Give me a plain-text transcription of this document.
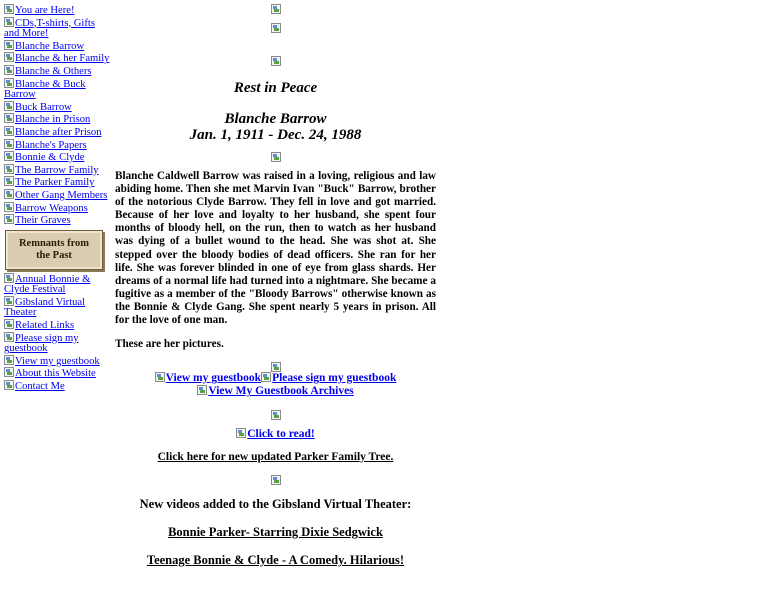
You are Here!
CDs,T-shirts, Gifts and More!
Blanche Barrow
Blanche & her Family
Blanche & Others
Blanche & Buck Barrow
Buck Barrow
Blanche in Prison
Blanche after Prison
Blanche's Papers
Bonnie & Clyde
The Barrow Family
The Parker Family
Other Gang Members
Barrow Weapons
Their Graves
Remnants from
the Past
Annual Bonnie & Clyde Festival
Gibsland Virtual Theater
Related Links
Please sign my guestbook
View my guestbook
About this Website
Contact Me
Rest in Peace
Blanche Barrow
Jan. 1, 1911 - Dec. 24, 1988

Blanche Caldwell Barrow was raised in a loving, religious and law abiding home. Then she met Marvin Ivan "Buck" Barrow, brother of the notorious Clyde Barrow. They fell in love and got married. Because of her love and loyalty to her husband, she spent four months of bloody hell, on the run, then to watch as her husband was dying of a bullet wound to the head. She was shot at. She stepped over the bloody bodies of dead officers. She ran for her life. She was forever blinded in one of eye from glass shards. Her dreams of a normal life had turned into a nightmare. She became a fugitive as a member of the "Bloody Barrows" otherwise known as the Bonnie & Clyde Gang. She spent nearly 5 years in prison. All for the love of one man.

These are her pictures.
View my guestbook Please sign my guestbook
View My Guestbook Archives
Click to read!
Click here for new updated Parker Family Tree.
New videos added to the Gibsland Virtual Theater:
Bonnie Parker- Starring Dixie Sedgwick
Teenage Bonnie & Clyde - A Comedy. Hilarious!
